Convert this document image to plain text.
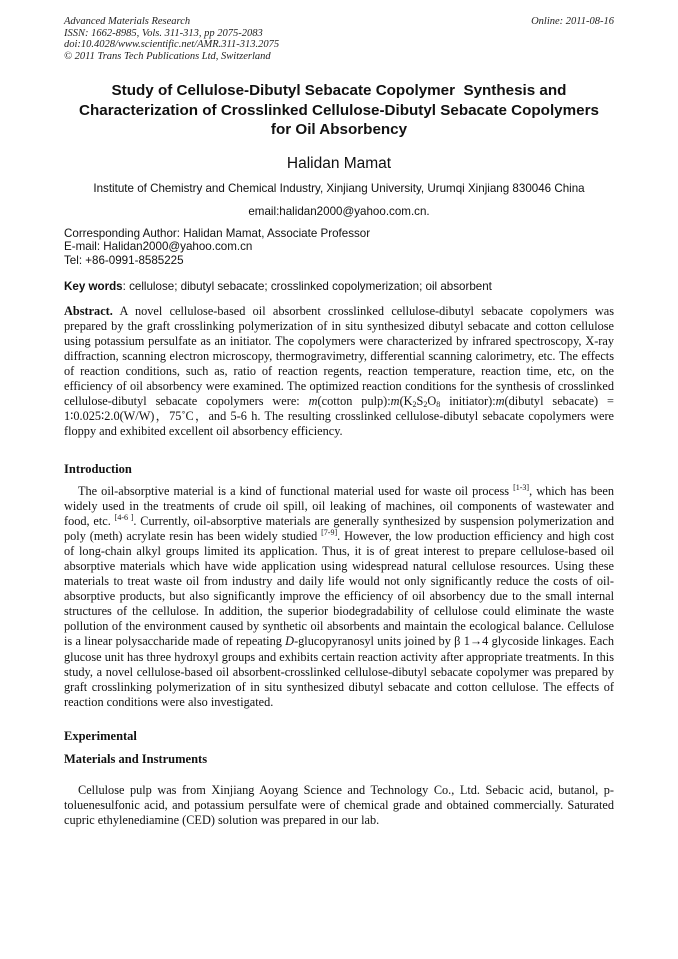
Advanced Materials Research
ISSN: 1662-8985, Vols. 311-313, pp 2075-2083
doi:10.4028/www.scientific.net/AMR.311-313.2075
© 2011 Trans Tech Publications Ltd, Switzerland
Online: 2011-08-16
Study of Cellulose-Dibutyl Sebacate Copolymer  Synthesis and
Characterization of Crosslinked Cellulose-Dibutyl Sebacate Copolymers
for Oil Absorbency
Halidan Mamat
Institute of Chemistry and Chemical Industry, Xinjiang University, Urumqi Xinjiang 830046 China
email:halidan2000@yahoo.com.cn.
Corresponding Author: Halidan Mamat, Associate Professor
E-mail: Halidan2000@yahoo.com.cn
Tel: +86-0991-8585225
Key words: cellulose; dibutyl sebacate; crosslinked copolymerization; oil absorbent
Abstract. A novel cellulose-based oil absorbent crosslinked cellulose-dibutyl sebacate copolymers was prepared by the graft crosslinking polymerization of in situ synthesized dibutyl sebacate and cotton cellulose using potassium persulfate as an initiator. The copolymers were characterized by infrared spectroscopy, X-ray diffraction, scanning electron microscopy, thermogravimetry, differential scanning calorimetry, etc. The effects of reaction conditions, such as, ratio of reaction regents, reaction temperature, reaction time, etc, on the efficiency of oil absorbency were examined. The optimized reaction conditions for the synthesis of crosslinked cellulose-dibutyl sebacate copolymers were: m(cotton $pulp):m(K_2S_2O_8$ initiator):m(dibutyl sebacate) = 1∶0.025∶2.0(W/W)，75˚C，and 5-6 h. The resulting crosslinked cellulose-dibutyl sebacate copolymers were floppy and exhibited excellent oil absorbency efficiency.
Introduction
The oil-absorptive material is a kind of functional material used for waste oil process [1-3], which has been widely used in the treatments of crude oil spill, oil leaking of machines, oil components of wastewater and food, etc. [4-6 ]. Currently, oil-absorptive materials are generally synthesized by suspension polymerization and poly (meth) acrylate resin has been widely studied [7-9]. However, the low production efficiency and high cost of long-chain alkyl groups limited its application. Thus, it is of great interest to prepare cellulose-based oil absorptive materials which have wide application using widespread natural cellulose resources. Using these materials to treat waste oil from industry and daily life would not only significantly reduce the costs of oil-absorptive products, but also significantly improve the efficiency of oil absorbency due to the small internal structures of the cellulose. In addition, the superior biodegradability of cellulose could eliminate the waste pollution of the environment caused by synthetic oil absorbents and maintain the ecological balance. Cellulose is a linear polysaccharide made of repeating D-glucopyranosyl units joined by β 1→4 glycoside linkages. Each glucose unit has three hydroxyl groups and exhibits certain reaction activity after appropriate treatments. In this study, a novel cellulose-based oil absorbent-crosslinked cellulose-dibutyl sebacate copolymer was prepared by graft crosslinking polymerization of in situ synthesized dibutyl sebacate and cotton cellulose. The effects of reaction conditions were also investigated.
Experimental
Materials and Instruments
Cellulose pulp was from Xinjiang Aoyang Science and Technology Co., Ltd. Sebacic acid, butanol, p-toluenesulfonic acid, and potassium persulfate were of chemical grade and obtained commercially. Saturated cupric ethylenediamine (CED) solution was prepared in our lab.
